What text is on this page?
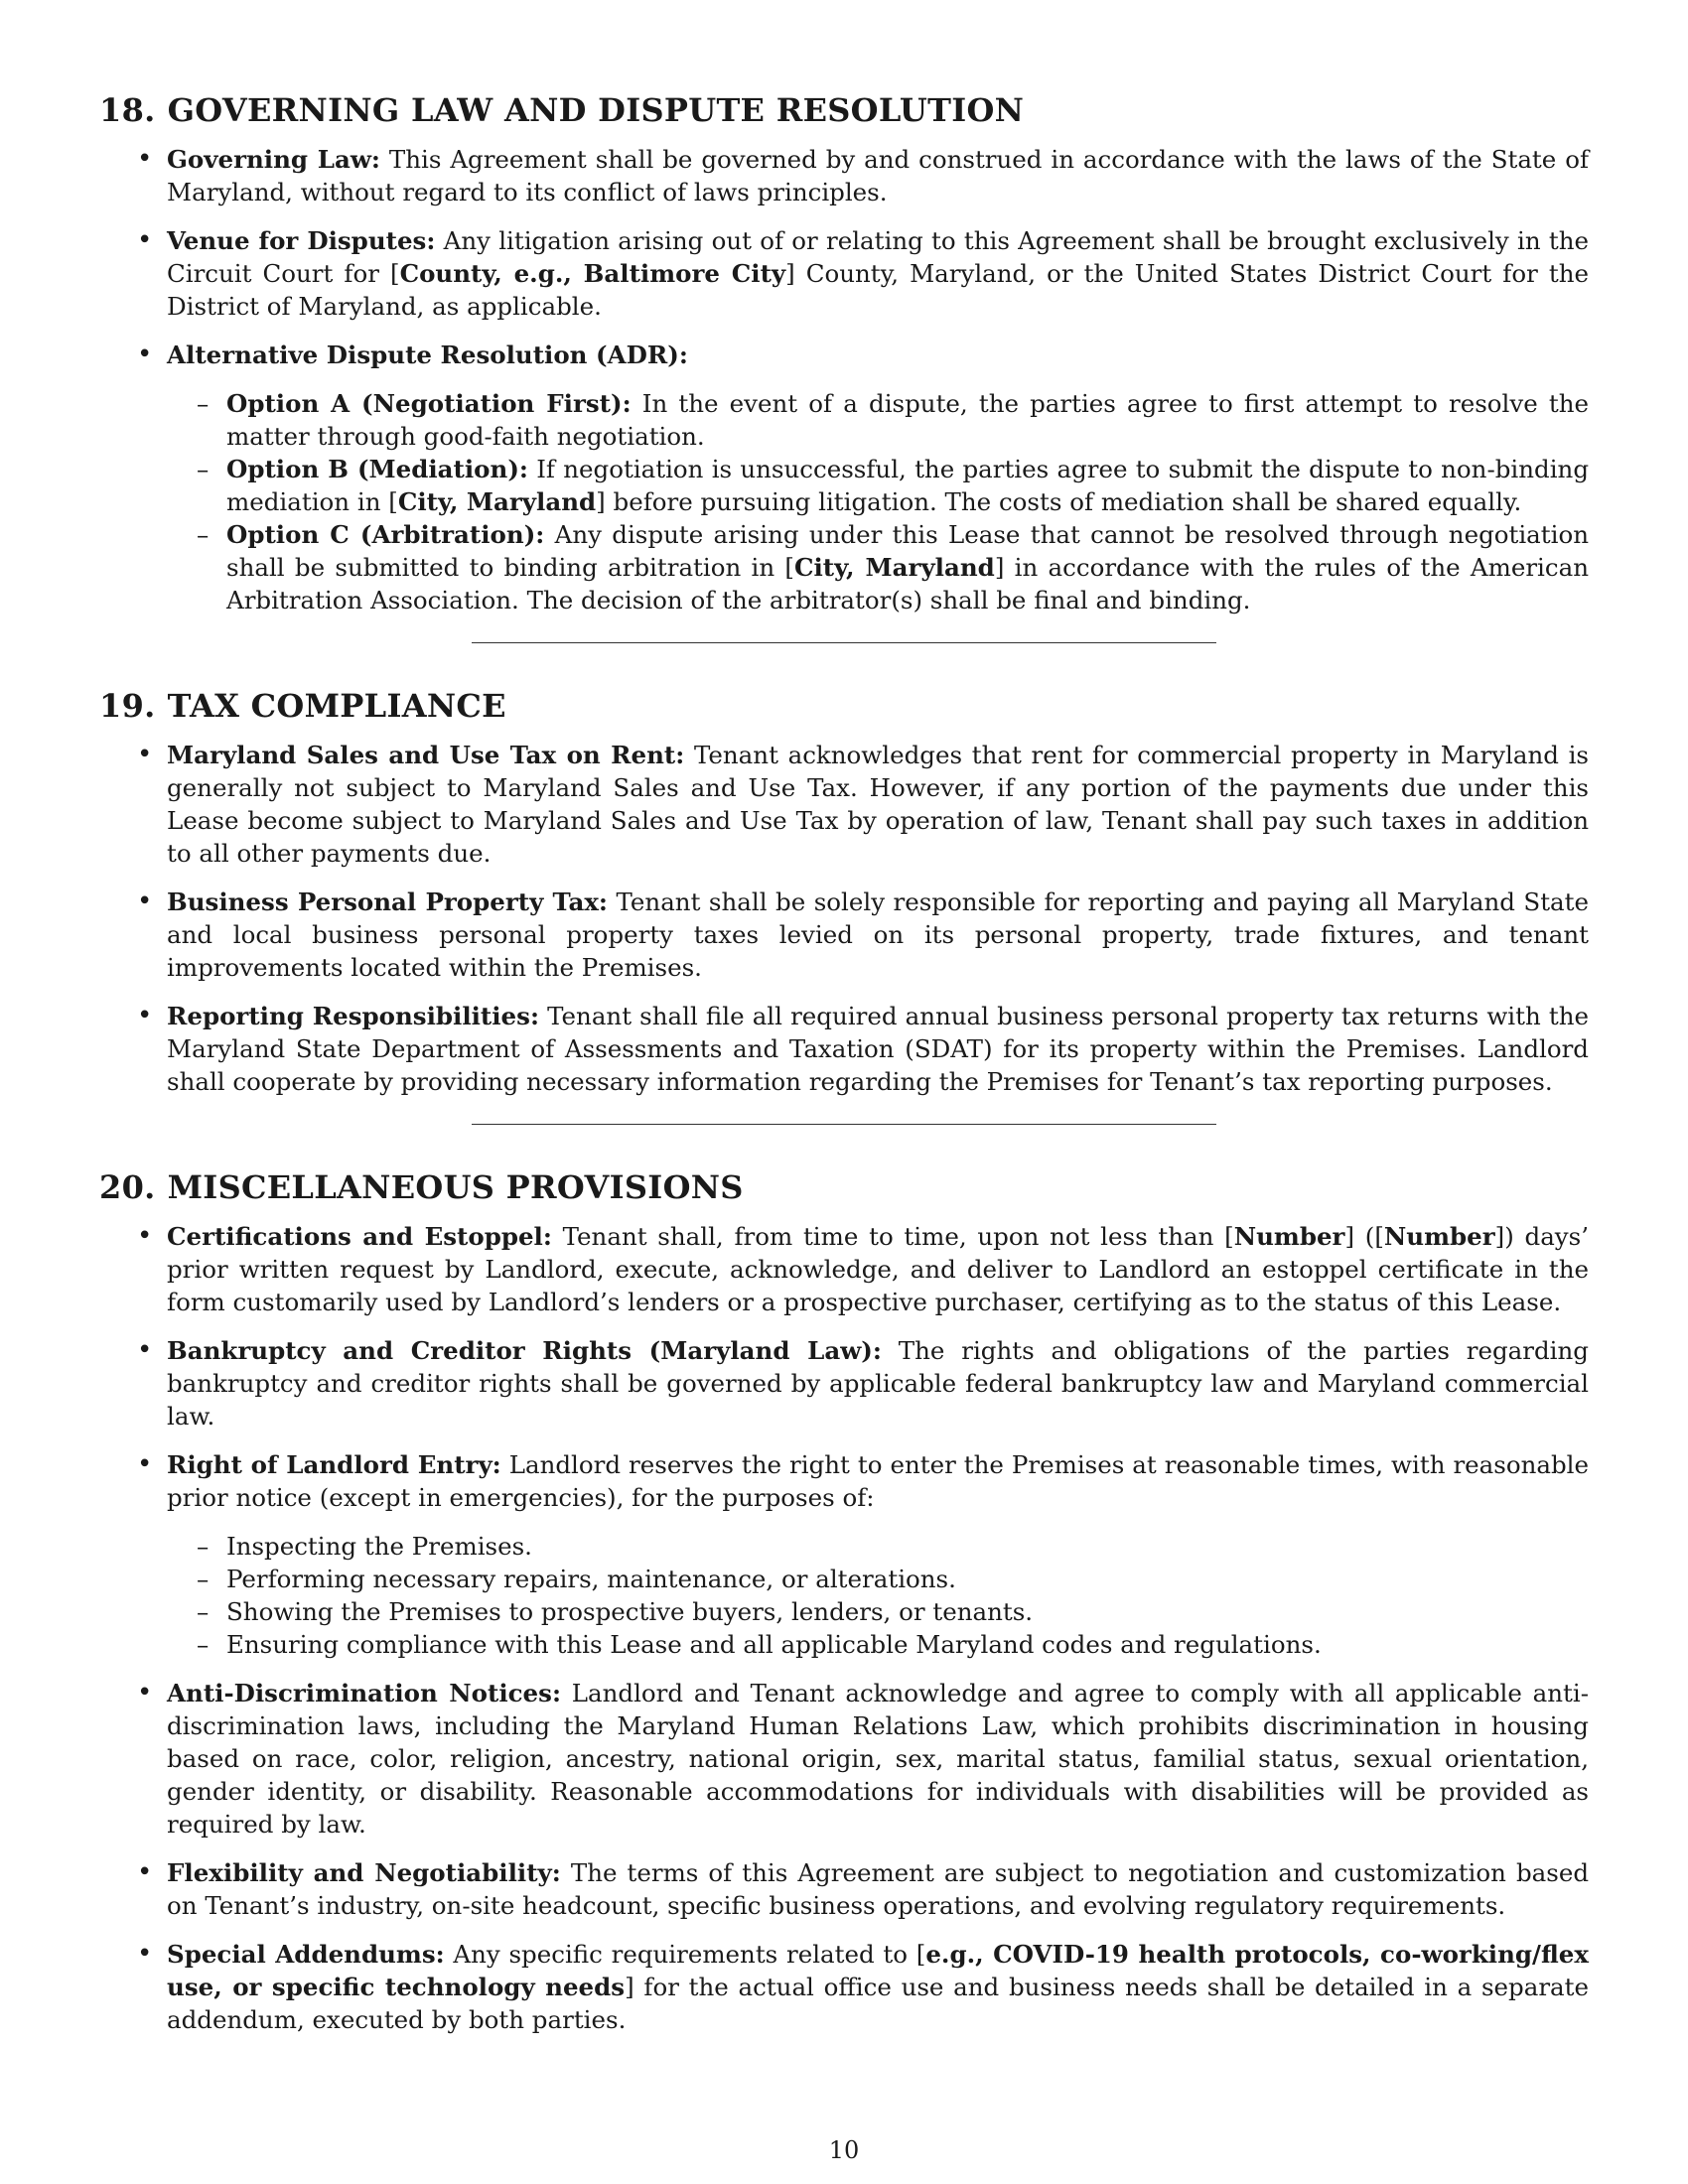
18. GOVERNING LAW AND DISPUTE RESOLUTION
• Governing Law: This Agreement shall be governed by and construed in accordance with the laws of the State of Maryland, without regard to its conflict of laws principles.
• Venue for Disputes: Any litigation arising out of or relating to this Agreement shall be brought exclusively in the Circuit Court for [County, e.g., Baltimore City] County, Maryland, or the United States District Court for the District of Maryland, as applicable.
• Alternative Dispute Resolution (ADR):
– Option A (Negotiation First): In the event of a dispute, the parties agree to first attempt to resolve the matter through good-faith negotiation.
– Option B (Mediation): If negotiation is unsuccessful, the parties agree to submit the dispute to non-binding mediation in [City, Maryland] before pursuing litigation. The costs of mediation shall be shared equally.
– Option C (Arbitration): Any dispute arising under this Lease that cannot be resolved through negotiation shall be submitted to binding arbitration in [City, Maryland] in accordance with the rules of the American Arbitration Association. The decision of the arbitrator(s) shall be final and binding.
19. TAX COMPLIANCE
• Maryland Sales and Use Tax on Rent: Tenant acknowledges that rent for commercial property in Maryland is generally not subject to Maryland Sales and Use Tax. However, if any portion of the payments due under this Lease become subject to Maryland Sales and Use Tax by operation of law, Tenant shall pay such taxes in addition to all other payments due.
• Business Personal Property Tax: Tenant shall be solely responsible for reporting and paying all Maryland State and local business personal property taxes levied on its personal property, trade fixtures, and tenant improvements located within the Premises.
• Reporting Responsibilities: Tenant shall file all required annual business personal property tax returns with the Maryland State Department of Assessments and Taxation (SDAT) for its property within the Premises. Landlord shall cooperate by providing necessary information regarding the Premises for Tenant’s tax reporting purposes.
20. MISCELLANEOUS PROVISIONS
• Certifications and Estoppel: Tenant shall, from time to time, upon not less than [Number] ([Number]) days’ prior written request by Landlord, execute, acknowledge, and deliver to Landlord an estoppel certificate in the form customarily used by Landlord’s lenders or a prospective purchaser, certifying as to the status of this Lease.
• Bankruptcy and Creditor Rights (Maryland Law): The rights and obligations of the parties regarding bankruptcy and creditor rights shall be governed by applicable federal bankruptcy law and Maryland commercial law.
• Right of Landlord Entry: Landlord reserves the right to enter the Premises at reasonable times, with reasonable prior notice (except in emergencies), for the purposes of:
– Inspecting the Premises.
– Performing necessary repairs, maintenance, or alterations.
– Showing the Premises to prospective buyers, lenders, or tenants.
– Ensuring compliance with this Lease and all applicable Maryland codes and regulations.
• Anti-Discrimination Notices: Landlord and Tenant acknowledge and agree to comply with all applicable anti-discrimination laws, including the Maryland Human Relations Law, which prohibits discrimination in housing based on race, color, religion, ancestry, national origin, sex, marital status, familial status, sexual orientation, gender identity, or disability. Reasonable accommodations for individuals with disabilities will be provided as required by law.
• Flexibility and Negotiability: The terms of this Agreement are subject to negotiation and customization based on Tenant’s industry, on-site headcount, specific business operations, and evolving regulatory requirements.
• Special Addendums: Any specific requirements related to [e.g., COVID-19 health protocols, co-working/flex use, or specific technology needs] for the actual office use and business needs shall be detailed in a separate addendum, executed by both parties.
10
